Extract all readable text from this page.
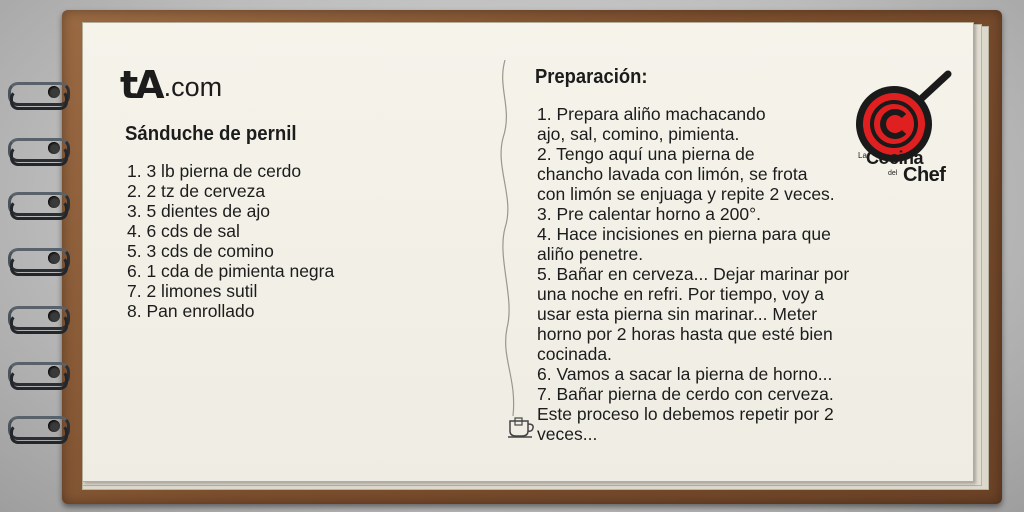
tA .com
Sánduche de pernil
1. 3 lb pierna de cerdo
2. 2 tz de cerveza
3. 5 dientes de ajo
4. 6 cds de sal
5. 3 cds de comino
6. 1 cda de pimienta negra
7. 2 limones sutil
8. Pan enrollado
Preparación:
1. Prepara aliño machacando
ajo, sal, comino, pimienta.
2. Tengo aquí una pierna de
chancho lavada con limón, se frota
con limón se enjuaga y repite 2 veces.
3. Pre calentar horno a 200°.
4. Hace incisiones en pierna para que
aliño penetre.
5. Bañar en cerveza... Dejar marinar por
una noche en refri. Por tiempo, voy a
usar esta pierna sin marinar... Meter
horno por 2 horas hasta que esté bien
cocinada.
6. Vamos a sacar la pierna de horno...
7. Bañar pierna de cerdo con cerveza.
Este proceso lo debemos repetir por 2
veces...
La Cocina
del Chef
